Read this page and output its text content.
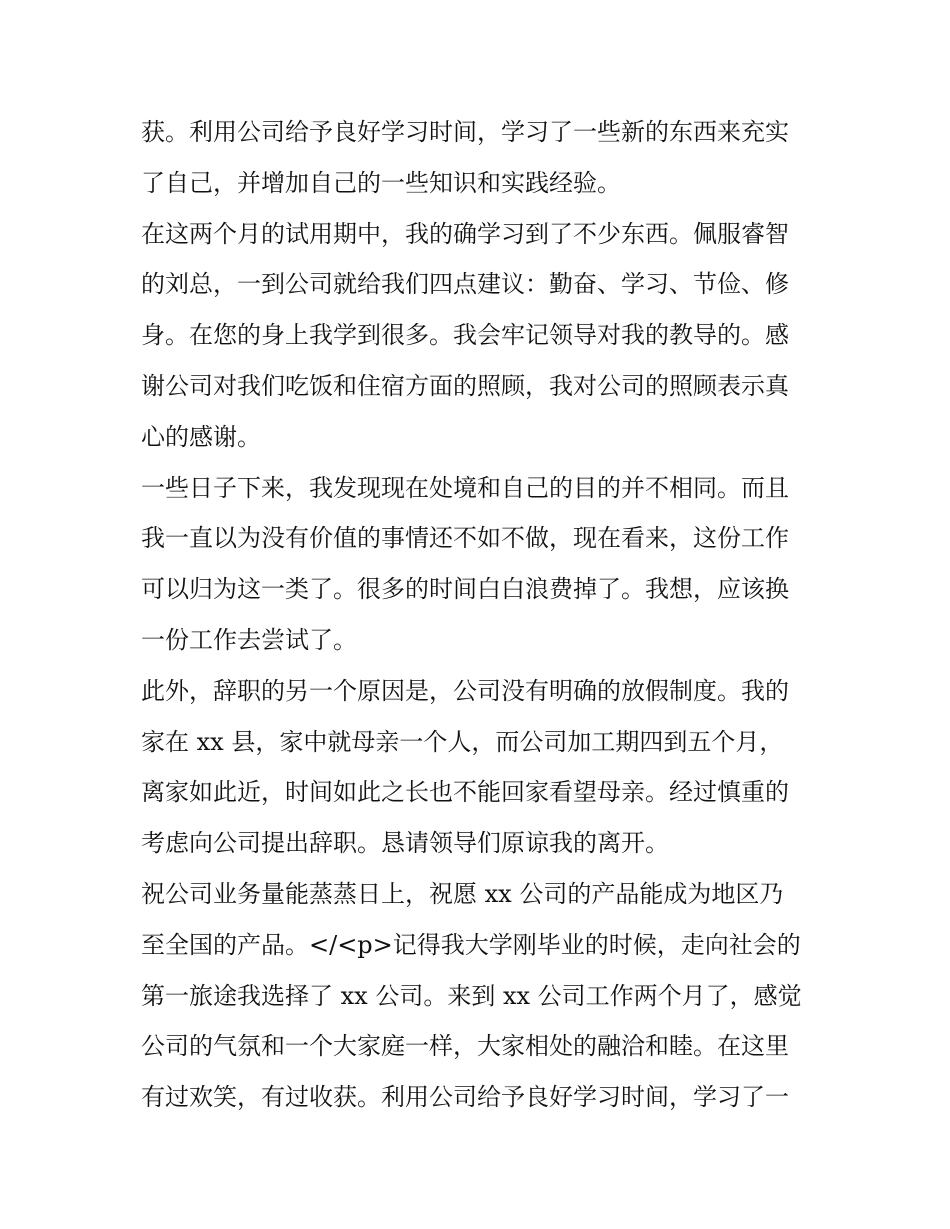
获。利用公司给予良好学习时间，学习了一些新的东西来充实
了自己，并增加自己的一些知识和实践经验。
在这两个月的试用期中，我的确学习到了不少东西。佩服睿智
的刘总，一到公司就给我们四点建议：勤奋、学习、节俭、修
身。在您的身上我学到很多。我会牢记领导对我的教导的。感
谢公司对我们吃饭和住宿方面的照顾，我对公司的照顾表示真
心的感谢。
一些日子下来，我发现现在处境和自己的目的并不相同。而且
我一直以为没有价值的事情还不如不做，现在看来，这份工作
可以归为这一类了。很多的时间白白浪费掉了。我想，应该换
一份工作去尝试了。
此外，辞职的另一个原因是，公司没有明确的放假制度。我的
家在 xx 县，家中就母亲一个人，而公司加工期四到五个月，
离家如此近，时间如此之长也不能回家看望母亲。经过慎重的
考虑向公司提出辞职。恳请领导们原谅我的离开。
祝公司业务量能蒸蒸日上，祝愿 xx 公司的产品能成为地区乃
至全国的产品。</<p>记得我大学刚毕业的时候，走向社会的
第一旅途我选择了 xx 公司。来到 xx 公司工作两个月了，感觉
公司的气氛和一个大家庭一样，大家相处的融洽和睦。在这里
有过欢笑，有过收获。利用公司给予良好学习时间，学习了一
